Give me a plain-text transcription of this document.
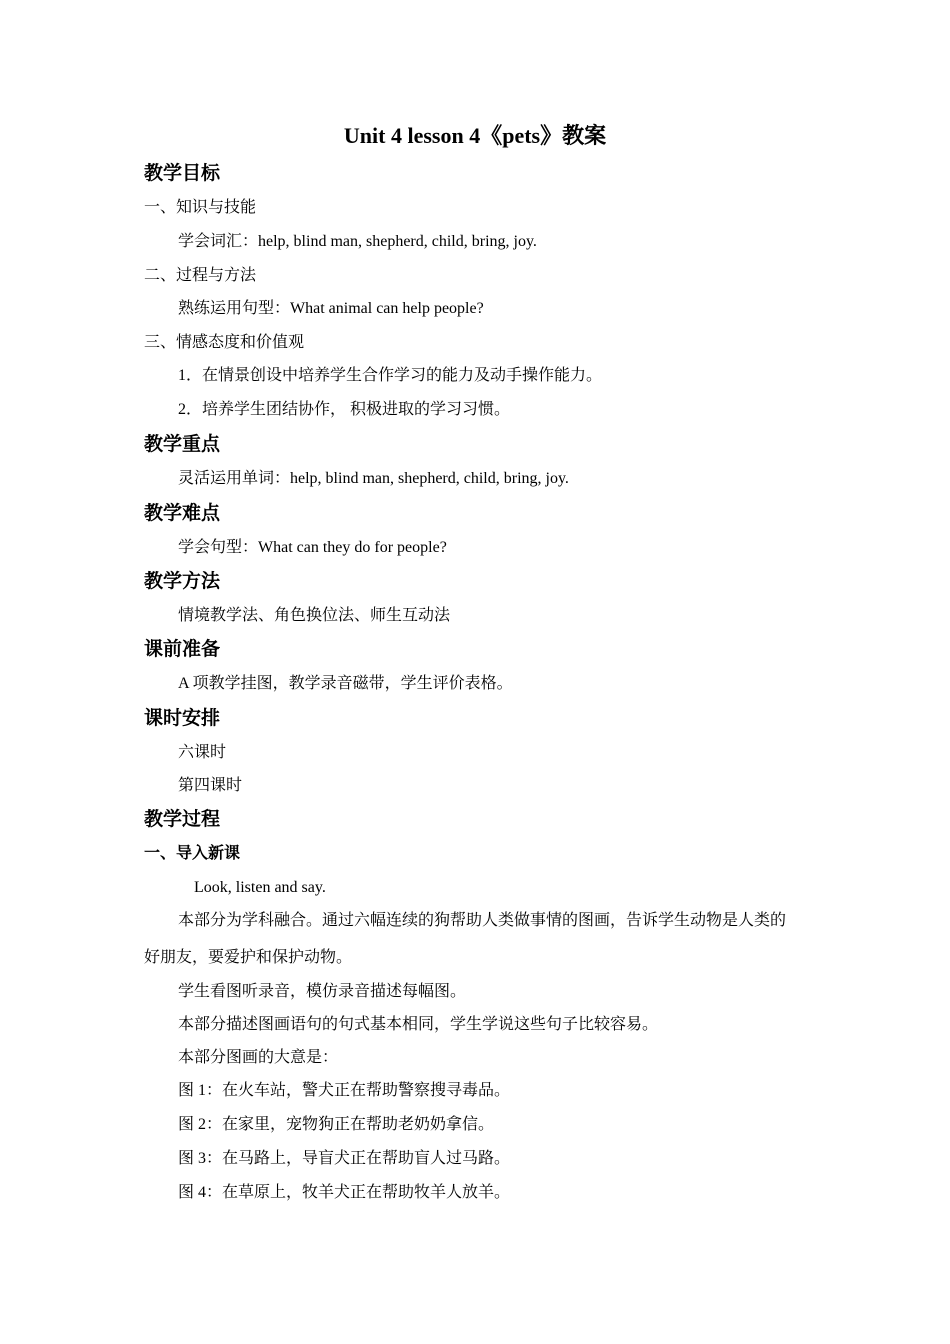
Unit 4 lesson 4《pets》教案
教学目标
一、知识与技能
学会词汇：help, blind man, shepherd, child, bring, joy.
二、过程与方法
熟练运用句型：What animal can help people?
三、情感态度和价值观
1．在情景创设中培养学生合作学习的能力及动手操作能力。
2．培养学生团结协作， 积极进取的学习习惯。
教学重点
灵活运用单词：help, blind man, shepherd, child, bring, joy.
教学难点
学会句型：What can they do for people?
教学方法
情境教学法、角色换位法、师生互动法
课前准备
A 项教学挂图，教学录音磁带，学生评价表格。
课时安排
六课时
第四课时
教学过程
一、导入新课
Look, listen and say.
本部分为学科融合。通过六幅连续的狗帮助人类做事情的图画，告诉学生动物是人类的
好朋友，要爱护和保护动物。
学生看图听录音，模仿录音描述每幅图。
本部分描述图画语句的句式基本相同，学生学说这些句子比较容易。
本部分图画的大意是：
图 1：在火车站，警犬正在帮助警察搜寻毒品。
图 2：在家里，宠物狗正在帮助老奶奶拿信。
图 3：在马路上，导盲犬正在帮助盲人过马路。
图 4：在草原上，牧羊犬正在帮助牧羊人放羊。
